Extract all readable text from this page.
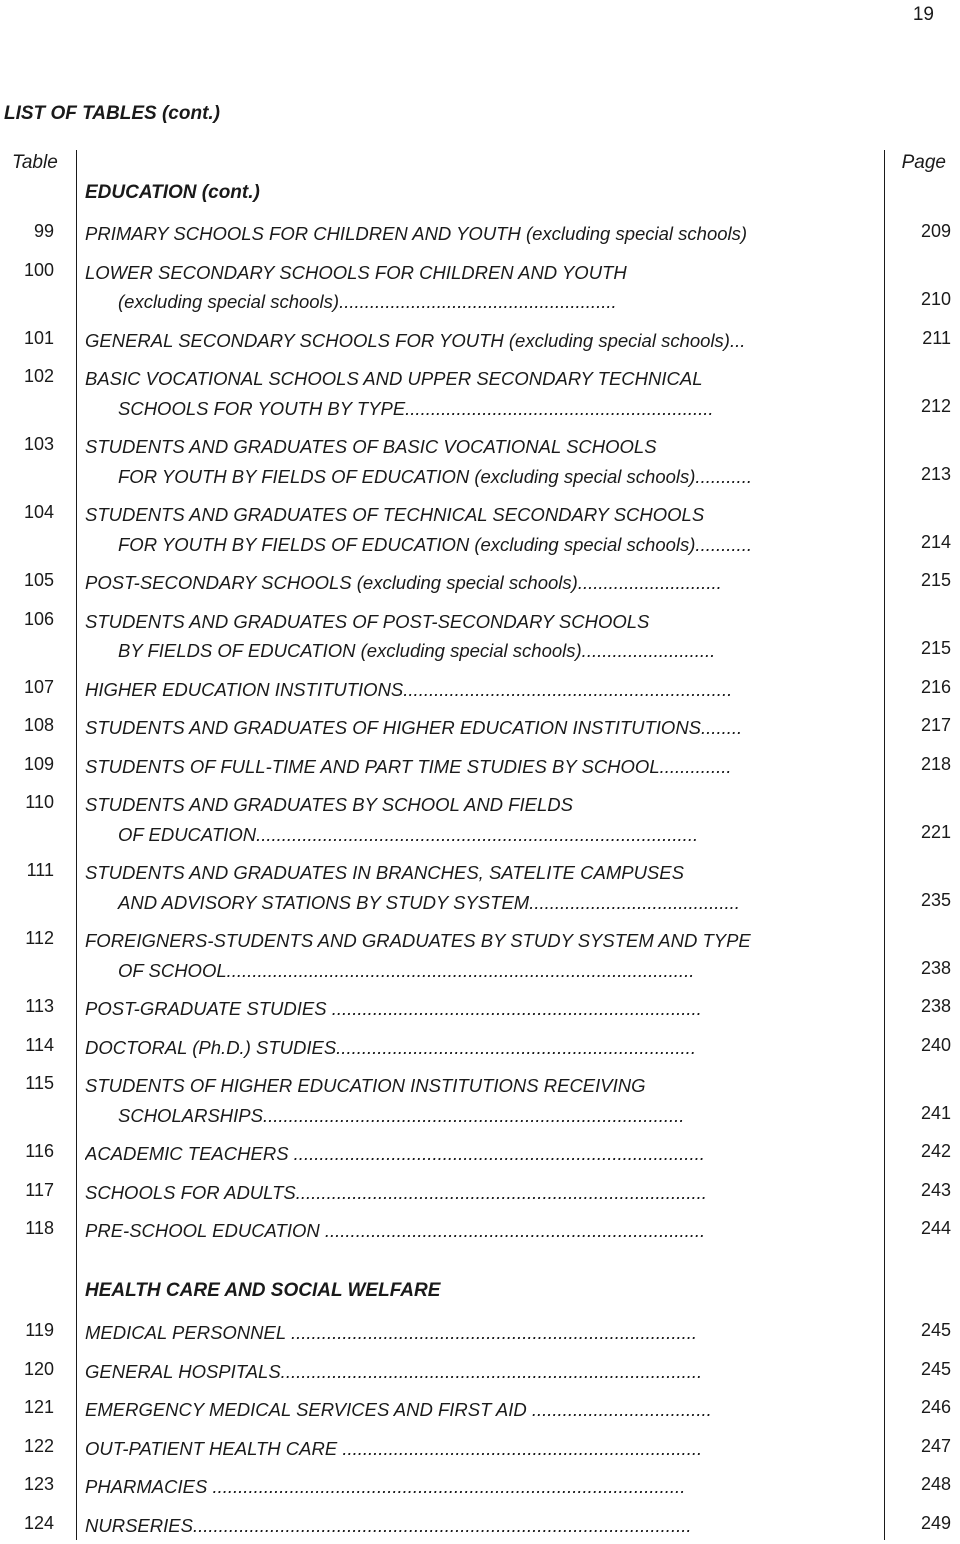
19
LIST OF TABLES (cont.)
Table	Page
EDUCATION (cont.)
99 PRIMARY SCHOOLS FOR CHILDREN AND YOUTH (excluding special schools)	209
100 LOWER SECONDARY SCHOOLS FOR CHILDREN AND YOUTH
(excluding special schools)......................................................	210
101 GENERAL SECONDARY SCHOOLS FOR YOUTH (excluding special schools)...	211
102 BASIC VOCATIONAL SCHOOLS AND UPPER SECONDARY TECHNICAL
SCHOOLS FOR YOUTH BY TYPE............................................................	212
103 STUDENTS AND GRADUATES OF BASIC VOCATIONAL SCHOOLS
FOR YOUTH BY FIELDS OF EDUCATION (excluding special schools)...........	213
104 STUDENTS AND GRADUATES OF TECHNICAL SECONDARY SCHOOLS
FOR YOUTH BY FIELDS OF EDUCATION (excluding special schools)...........	214
105 POST-SECONDARY SCHOOLS (excluding special schools)............................	215
106 STUDENTS AND GRADUATES OF POST-SECONDARY SCHOOLS
BY FIELDS OF EDUCATION (excluding special schools)..........................	215
107 HIGHER EDUCATION INSTITUTIONS................................................................	216
108 STUDENTS AND GRADUATES OF HIGHER EDUCATION INSTITUTIONS........	217
109 STUDENTS OF FULL-TIME AND PART TIME STUDIES BY SCHOOL..............	218
110 STUDENTS AND GRADUATES BY SCHOOL AND FIELDS
OF EDUCATION......................................................................................	221
111 STUDENTS AND GRADUATES IN BRANCHES, SATELITE CAMPUSES
AND ADVISORY STATIONS BY STUDY SYSTEM.........................................	235
112 FOREIGNERS-STUDENTS AND GRADUATES BY STUDY SYSTEM AND TYPE
OF SCHOOL...........................................................................................	238
113 POST-GRADUATE STUDIES ........................................................................	238
114 DOCTORAL (Ph.D.) STUDIES......................................................................	240
115 STUDENTS OF HIGHER EDUCATION INSTITUTIONS RECEIVING
SCHOLARSHIPS..................................................................................	241
116 ACADEMIC TEACHERS ................................................................................	242
117 SCHOOLS FOR ADULTS................................................................................	243
118 PRE-SCHOOL EDUCATION ..........................................................................	244
HEALTH CARE AND SOCIAL WELFARE
119 MEDICAL PERSONNEL ...............................................................................	245
120 GENERAL HOSPITALS..................................................................................	245
121 EMERGENCY MEDICAL SERVICES AND FIRST AID ...................................	246
122 OUT-PATIENT HEALTH CARE ......................................................................	247
123 PHARMACIES ............................................................................................	248
124 NURSERIES.................................................................................................	249
